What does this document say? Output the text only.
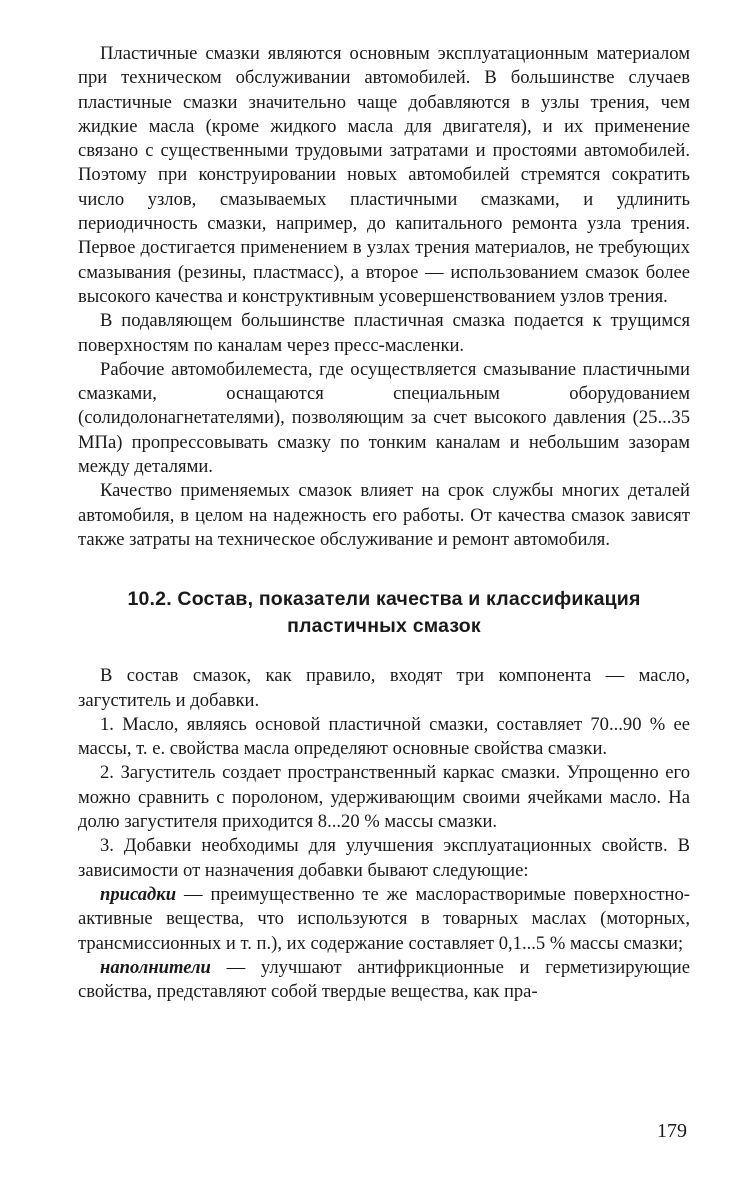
Пластичные смазки являются основным эксплуатационным материалом при техническом обслуживании автомобилей. В большинстве случаев пластичные смазки значительно чаще добавляются в узлы трения, чем жидкие масла (кроме жидкого масла для двигателя), и их применение связано с существенными трудовыми затратами и простоями автомобилей. Поэтому при конструировании новых автомобилей стремятся сократить число узлов, смазываемых пластичными смазками, и удлинить периодичность смазки, например, до капитального ремонта узла трения. Первое достигается применением в узлах трения материалов, не требующих смазывания (резины, пластмасс), а второе — использованием смазок более высокого качества и конструктивным усовершенствованием узлов трения.

В подавляющем большинстве пластичная смазка подается к трущимся поверхностям по каналам через пресс-масленки.

Рабочие автомобилеместа, где осуществляется смазывание пластичными смазками, оснащаются специальным оборудованием (солидолонагнетателями), позволяющим за счет высокого давления (25...35 МПа) пропрессовывать смазку по тонким каналам и небольшим зазорам между деталями.

Качество применяемых смазок влияет на срок службы многих деталей автомобиля, в целом на надежность его работы. От качества смазок зависят также затраты на техническое обслуживание и ремонт автомобиля.

10.2. Состав, показатели качества и классификация
пластичных смазок

В состав смазок, как правило, входят три компонента — масло, загуститель и добавки.

1. Масло, являясь основой пластичной смазки, составляет 70...90 % ее массы, т. е. свойства масла определяют основные свойства смазки.

2. Загуститель создает пространственный каркас смазки. Упрощенно его можно сравнить с поролоном, удерживающим своими ячейками масло. На долю загустителя приходится 8...20 % массы смазки.

3. Добавки необходимы для улучшения эксплуатационных свойств. В зависимости от назначения добавки бывают следующие:

присадки — преимущественно те же маслорастворимые поверхностно-активные вещества, что используются в товарных маслах (моторных, трансмиссионных и т. п.), их содержание составляет 0,1...5 % массы смазки;

наполнители — улучшают антифрикционные и герметизирующие свойства, представляют собой твердые вещества, как пра-

179
